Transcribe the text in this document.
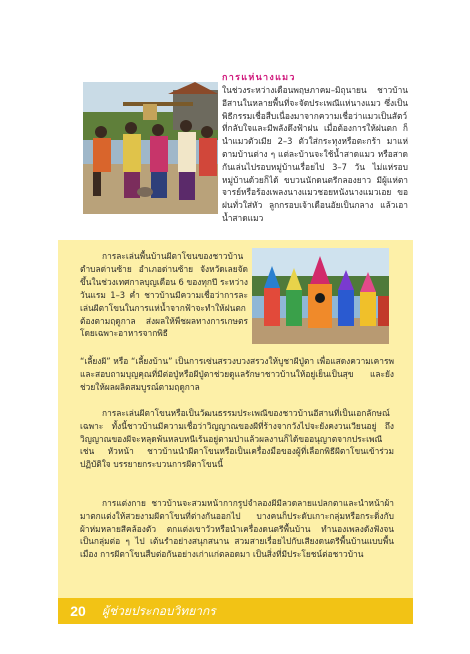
การแห่นางแมว

ในช่วงระหว่างเดือนพฤษภาคม–มิถุนายน ชาวบ้านอีสานในหลายพื้นที่จะจัดประเพณีแห่นางแมว ซึ่งเป็นพิธีกรรมเชื่อสืบเนื่องมาจากความเชื่อว่าแมวเป็นสัตว์ที่กลับใจและมีพลังดึงฟ้าฝน เมื่อต้องการให้ฝนตก ก็นำแมวตัวเมีย 2–3 ตัวใส่กระทุงหรือตะกร้า มาแห่ตามบ้านต่าง ๆ แต่ละบ้านจะใช้น้ำสาดแมว หรือสาดกันเล่นไปรอบหมู่บ้านเรื่อยไป 3–7 วัน ไม่แห่รอบหมู่บ้านด้วยก็ได้ ขบวนนักดนตรีกลองยาว มีผู้แห่ตาจารย์หรือร้องเพลงนางแมวชอยหนังนางแมวเอย ขอฝนทั่วใส่หัว ลูกกรอบเจ้าเดือนอัยเป็นกลาง แล้วเอาน้ำสาดแมว

การละเล่นพื้นบ้านผีตาโขนของชาวบ้านตำบลด่านซ้าย อำเภอด่านซ้าย จังหวัดเลยจัดขึ้นในช่วงเทศกาลบุญเดือน 6 ของทุกปี ระหว่างวันแรม 1–3 ค่ำ ชาวบ้านมีความเชื่อว่าการละเล่นผีตาโขนในการแห่น้ำจากฟ้าจะทำให้ฝนตกต้องตามฤดูกาล ส่งผลให้พืชผลทางการเกษตร โดยเฉพาะอาหารจากพิธี

“เลี้ยงผี” หรือ “เลี้ยงบ้าน” เป็นการเซ่นสรวงบวงสรวงให้บูชาผีปู่ตา เพื่อแสดงความเคารพและสอบถามบุญคุณที่มีต่อปู่หรือผีปู่ตาช่วยดูแลรักษาชาวบ้านให้อยู่เย็นเป็นสุข และยังช่วยให้ผลผลิตสมบูรณ์ตามฤดูกาล

การละเล่นผีตาโขนหรือเป็นวัฒนธรรมประเพณีของชาวบ้านอีสานที่เป็นเอกลักษณ์เฉพาะ ทั้งนี้ชาวบ้านมีความเชื่อว่าวิญญาณของผีที่ร้างจากวังไปจะยังคงวนเวียนอยู่ ถึงวิญญาณของผีจะหลุดพ้นหลบหนีเร้นอยู่ตามป่าแล้วผลงานก็ได้ขออนุญาตจากประเพณี เช่น หัวหน้า ชาวบ้านนำผีตาโขนหรือเป็นเครื่องมือของผู้ที่เลือกพิธีผีตาโขนเข้าร่วมปฏิบัติใจ บรรยายกระบวนการผีตาโขนนี้

การแต่งกาย ชาวบ้านจะสวมหน้ากากรูปจำลองผีมีลวดลายแปลกตาและนำหน้าผ้ามาตกแต่งให้สวยงามผีตาโขนที่ต่างกันออกไป บางคนก็ประดับเกาะกลุ่มหรือกระดิ่งกับผ้าห่มหลายสีคล้องตัว ตกแต่งเขาวัวหรือนำเครื่องดนตรีพื้นบ้าน ทำนองเพลงดังฟังจนเป็นกลุ่มต่อ ๆ ไป เต้นรำอย่างสนุกสนาน สวมสายเรื่อยไปกับเสียงดนตรีพื้นบ้านแบบพื้นเมือง การผีตาโขนสืบต่อกันอย่างเก่าแก่ตลอดมา เป็นสิ่งที่มีประโยชน์ต่อชาวบ้าน

20	ผู้ช่วยประกอบวิทยากร
